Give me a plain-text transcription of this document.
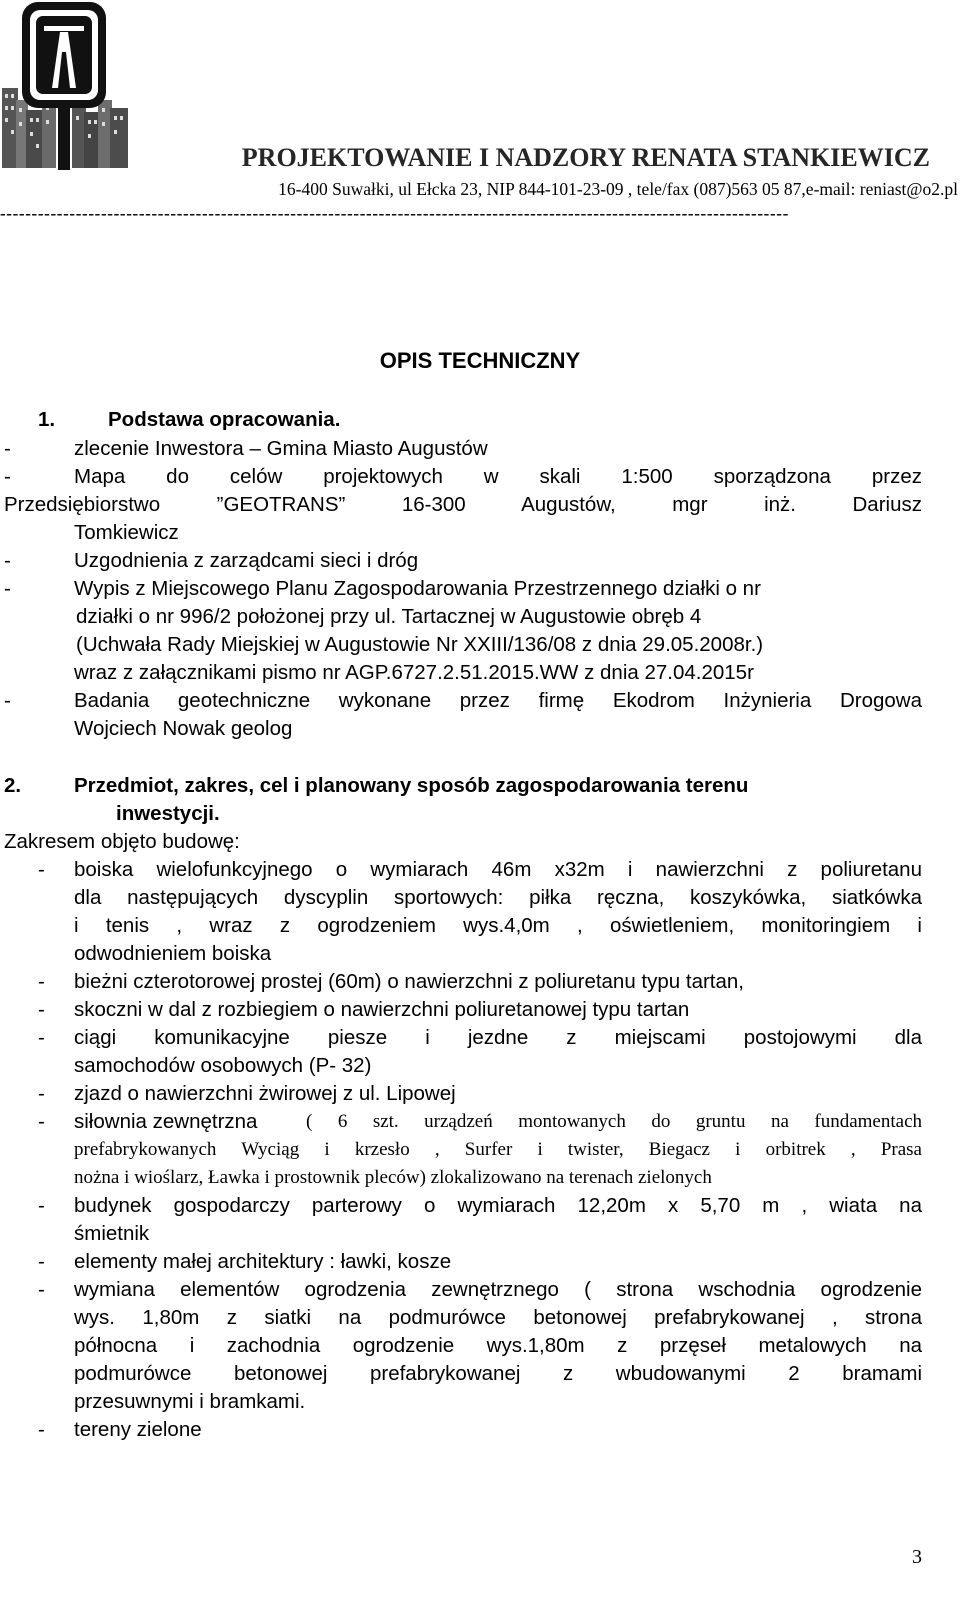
PROJEKTOWANIE I NADZORY RENATA STANKIEWICZ
16-400 Suwałki, ul Ełcka 23, NIP 844-101-23-09 , tele/fax (087)563 05 87,e-mail: reniast@o2.pl
-----------------------------------------------------------------------------------------------------------------------------
OPIS TECHNICZNY
1.	Podstawa opracowania.
-	zlecenie Inwestora – Gmina Miasto Augustów
-	Mapa do celów projektowych w skali 1:500 sporządzona przez
Przedsiębiorstwo ”GEOTRANS” 16-300 Augustów, mgr inż. Dariusz
Tomkiewicz
-	Uzgodnienia z zarządcami sieci i dróg
-	Wypis z Miejscowego Planu Zagospodarowania Przestrzennego działki o nr
działki o nr 996/2 położonej przy ul. Tartacznej w Augustowie obręb 4
(Uchwała Rady Miejskiej w Augustowie Nr XXIII/136/08 z dnia 29.05.2008r.)
wraz z załącznikami pismo nr AGP.6727.2.51.2015.WW z dnia 27.04.2015r
-	Badania geotechniczne wykonane przez firmę Ekodrom Inżynieria Drogowa
Wojciech Nowak geolog
2.	Przedmiot, zakres, cel i planowany sposób zagospodarowania terenu
inwestycji.
Zakresem objęto budowę:
- boiska wielofunkcyjnego o wymiarach 46m x32m i nawierzchni z poliuretanu
dla następujących dyscyplin sportowych: piłka ręczna, koszykówka, siatkówka
i tenis , wraz z ogrodzeniem wys.4,0m , oświetleniem, monitoringiem i
odwodnieniem boiska
- bieżni czterotorowej prostej (60m) o nawierzchni z poliuretanu typu tartan,
- skoczni w dal z rozbiegiem o nawierzchni poliuretanowej typu tartan
- ciągi komunikacyjne piesze i jezdne z miejscami postojowymi dla
samochodów osobowych (P- 32)
- zjazd o nawierzchni żwirowej z ul. Lipowej
- siłownia zewnętrzna	( 6 szt. urządzeń montowanych do gruntu na fundamentach
prefabrykowanych Wyciąg i krzesło , Surfer i twister, Biegacz i orbitrek , Prasa
nożna i wioślarz, Ławka i prostownik pleców) zlokalizowano na terenach zielonych
- budynek gospodarczy parterowy o wymiarach 12,20m x 5,70 m , wiata na
śmietnik
- elementy małej architektury : ławki, kosze
- wymiana elementów ogrodzenia zewnętrznego ( strona wschodnia ogrodzenie
wys. 1,80m z siatki na podmurówce betonowej prefabrykowanej , strona
północna i zachodnia ogrodzenie wys.1,80m z przęseł metalowych na
podmurówce betonowej prefabrykowanej z wbudowanymi 2 bramami
przesuwnymi i bramkami.
- tereny zielone
3
